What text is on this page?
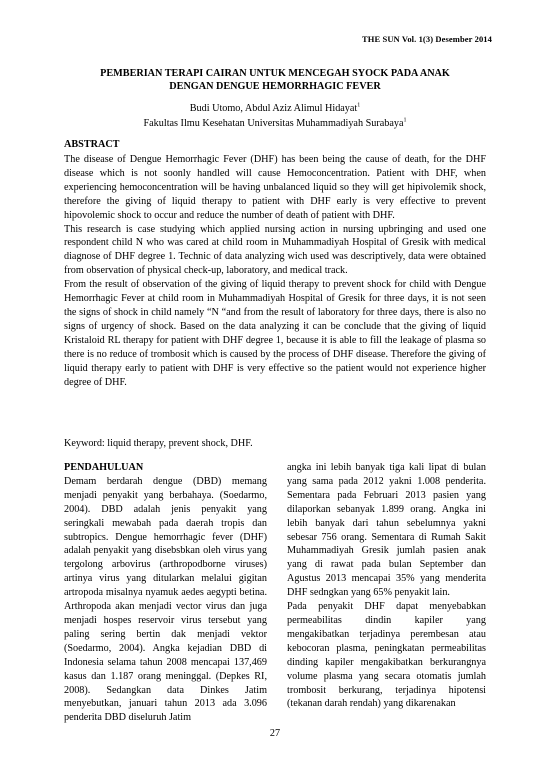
THE SUN Vol. 1(3) Desember 2014
PEMBERIAN TERAPI CAIRAN UNTUK MENCEGAH SYOCK PADA ANAK
DENGAN DENGUE HEMORRHAGIC FEVER
Budi Utomo, Abdul Aziz Alimul Hidayat$^1$
Fakultas Ilmu Kesehatan Universitas Muhammadiyah Surabaya$^1$
ABSTRACT

The disease of Dengue Hemorrhagic Fever (DHF) has been being the cause of death, for the DHF disease which is not soonly handled will cause Hemoconcentration. Patient with DHF, when experiencing hemoconcentration will be having unbalanced liquid so they will get hipivolemik shock, therefore the giving of liquid therapy to patient with DHF early is very effective to prevent hipovolemic shock to occur and reduce the number of death of patient with DHF.

This research is case studying which applied nursing action in nursing upbringing and used one respondent child N who was cared at child room in Muhammadiyah Hospital of Gresik with medical diagnose of DHF degree 1. Technic of data analyzing wich used was descriptively, data were obtained from observation of physical check-up, laboratory, and medical track.

From the result of observation of the giving of liquid therapy to prevent shock for child with Dengue Hemorrhagic Fever at child room in Muhammadiyah Hospital of Gresik for three days, it is not seen the signs of shock in child namely “N “and from the result of laboratory for three days, there is also no signs of urgency of shock. Based on the data analyzing it can be conclude that the giving of liquid Kristaloid RL therapy for patient with DHF degree 1, because it is able to fill the leakage of plasma so there is no reduce of trombosit which is caused by the process of DHF disease. Therefore the giving of liquid therapy early to patient with DHF is very effective so the patient would not experience higher degree of DHF.

Keyword: liquid therapy, prevent shock, DHF.

PENDAHULUAN

Demam berdarah dengue (DBD) memang menjadi penyakit yang berbahaya. (Soedarmo, 2004). DBD adalah jenis penyakit yang seringkali mewabah pada daerah tropis dan subtropics. Dengue hemorrhagic fever (DHF) adalah penyakit yang disebsbkan oleh virus yang tergolong arbovirus (arthropodborne viruses) artinya virus yang ditularkan melalui gigitan artropoda misalnya nyamuk aedes aegypti betina. Arthropoda akan menjadi vector virus dan juga menjadi hospes reservoir virus tersebut yang paling sering bertin dak menjadi vektor (Soedarmo, 2004). Angka kejadian DBD di Indonesia selama tahun 2008 mencapai 137,469 kasus dan 1.187 orang meninggal. (Depkes RI, 2008). Sedangkan data Dinkes Jatim menyebutkan, januari tahun 2013 ada 3.096 penderita DBD diseluruh Jatim

angka ini lebih banyak tiga kali lipat di bulan yang sama pada 2012 yakni 1.008 penderita. Sementara pada Februari 2013 pasien yang dilaporkan sebanyak 1.899 orang. Angka ini lebih banyak dari tahun sebelumnya yakni sebesar 756 orang. Sementara di Rumah Sakit Muhammadiyah Gresik jumlah pasien anak yang di rawat pada bulan September dan Agustus 2013 mencapai 35% yang menderita DHF sedngkan yang 65% penyakit lain.

Pada penyakit DHF dapat menyebabkan permeabilitas dindin kapiler yang mengakibatkan terjadinya perembesan atau kebocoran plasma, peningkatan permeabilitas dinding kapiler mengakibatkan berkurangnya volume plasma yang secara otomatis jumlah trombosit berkurang, terjadinya hipotensi (tekanan darah rendah) yang dikarenakan

27
